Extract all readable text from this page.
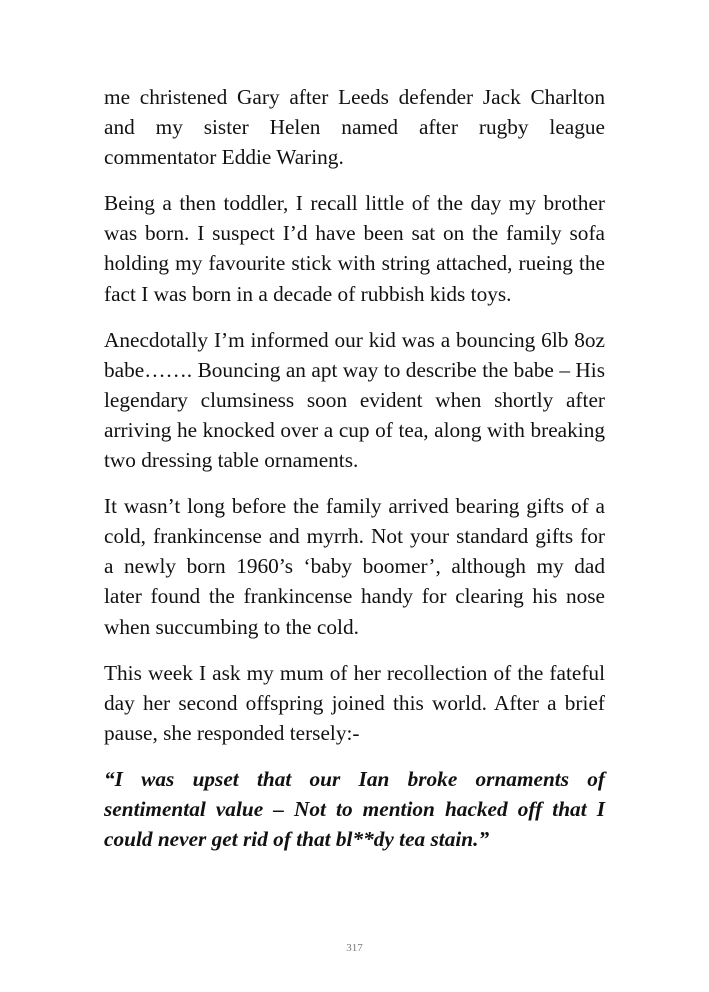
me christened Gary after Leeds defender Jack Charlton and my sister Helen named after rugby league commentator Eddie Waring.

Being a then toddler, I recall little of the day my brother was born. I suspect I’d have been sat on the family sofa holding my favourite stick with string attached, rueing the fact I was born in a decade of rubbish kids toys.

Anecdotally I’m informed our kid was a bouncing 6lb 8oz babe……. Bouncing an apt way to describe the babe – His legendary clumsiness soon evident when shortly after arriving he knocked over a cup of tea, along with breaking two dressing table ornaments.

It wasn’t long before the family arrived bearing gifts of a cold, frankincense and myrrh. Not your standard gifts for a newly born 1960’s ‘baby boomer’, although my dad later found the frankincense handy for clearing his nose when succumbing to the cold.

This week I ask my mum of her recollection of the fateful day her second offspring joined this world. After a brief pause, she responded tersely:-

“I was upset that our Ian broke ornaments of sentimental value – Not to mention hacked off that I could never get rid of that bl**dy tea stain.”

317
